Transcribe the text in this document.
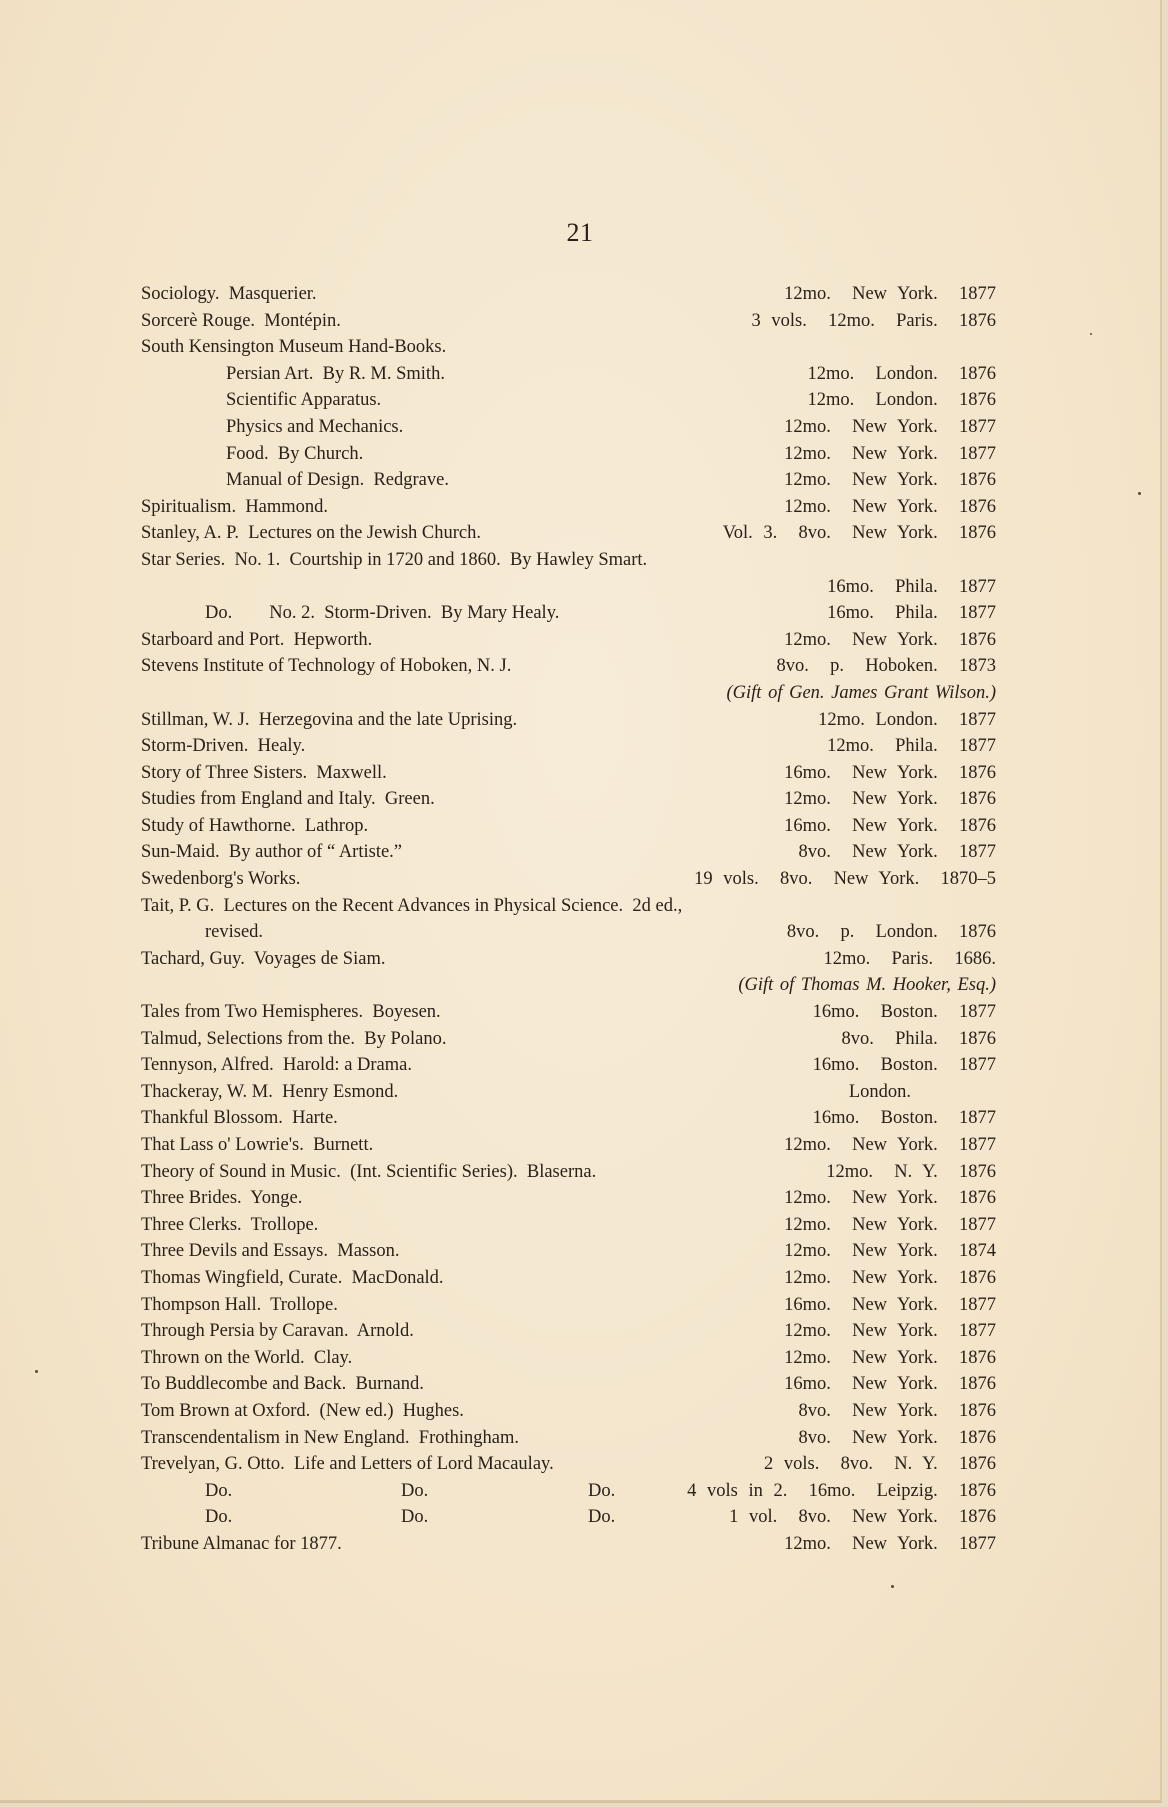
21
Sociology.  Masquerier.	12mo.  New York.  1877
Sorcerè Rouge.  Montépin.	3 vols.  12mo.  Paris.  1876
South Kensington Museum Hand-Books.
Persian Art.  By R. M. Smith.	12mo.  London.  1876
Scientific Apparatus.	12mo.  London.  1876
Physics and Mechanics.	12mo.  New York.  1877
Food.  By Church.	12mo.  New York.  1877
Manual of Design.  Redgrave.	12mo.  New York.  1876
Spiritualism.  Hammond.	12mo.  New York.  1876
Stanley, A. P.  Lectures on the Jewish Church.	Vol. 3.  8vo.  New York.  1876
Star Series.  No. 1.  Courtship in 1720 and 1860.  By Hawley Smart.
16mo.  Phila.  1877
Do.        No. 2.  Storm-Driven.  By Mary Healy.	16mo.  Phila.  1877
Starboard and Port.  Hepworth.	12mo.  New York.  1876
Stevens Institute of Technology of Hoboken, N. J.	8vo.  p.  Hoboken.  1873
(Gift of Gen. James Grant Wilson.)
Stillman, W. J.  Herzegovina and the late Uprising.	12mo. London.  1877
Storm-Driven.  Healy.	12mo.  Phila.  1877
Story of Three Sisters.  Maxwell.	16mo.  New York.  1876
Studies from England and Italy.  Green.	12mo.  New York.  1876
Study of Hawthorne.  Lathrop.	16mo.  New York.  1876
Sun-Maid.  By author of “ Artiste.”	8vo.  New York.  1877
Swedenborg's Works.	19 vols.  8vo.  New York.  1870–5
Tait, P. G.  Lectures on the Recent Advances in Physical Science.  2d ed.,
revised.	8vo.  p.  London.  1876
Tachard, Guy.  Voyages de Siam.	12mo.  Paris.  1686.
(Gift of Thomas M. Hooker, Esq.)
Tales from Two Hemispheres.  Boyesen.	16mo.  Boston.  1877
Talmud, Selections from the.  By Polano.	8vo.  Phila.  1876
Tennyson, Alfred.  Harold: a Drama.	16mo.  Boston.  1877
Thackeray, W. M.  Henry Esmond.	London.
Thankful Blossom.  Harte.	16mo.  Boston.  1877
That Lass o' Lowrie's.  Burnett.	12mo.  New York.  1877
Theory of Sound in Music.  (Int. Scientific Series).  Blaserna.	12mo.  N. Y.  1876
Three Brides.  Yonge.	12mo.  New York.  1876
Three Clerks.  Trollope.	12mo.  New York.  1877
Three Devils and Essays.  Masson.	12mo.  New York.  1874
Thomas Wingfield, Curate.  MacDonald.	12mo.  New York.  1876
Thompson Hall.  Trollope.	16mo.  New York.  1877
Through Persia by Caravan.  Arnold.	12mo.  New York.  1877
Thrown on the World.  Clay.	12mo.  New York.  1876
To Buddlecombe and Back.  Burnand.	16mo.  New York.  1876
Tom Brown at Oxford.  (New ed.)  Hughes.	8vo.  New York.  1876
Transcendentalism in New England.  Frothingham.	8vo.  New York.  1876
Trevelyan, G. Otto.  Life and Letters of Lord Macaulay.	2 vols.  8vo.  N. Y.  1876
Do.	Do.	Do.	4 vols in 2.  16mo.  Leipzig.  1876
Do.	Do.	Do.	1 vol.  8vo.  New York.  1876
Tribune Almanac for 1877.	12mo.  New York.  1877
